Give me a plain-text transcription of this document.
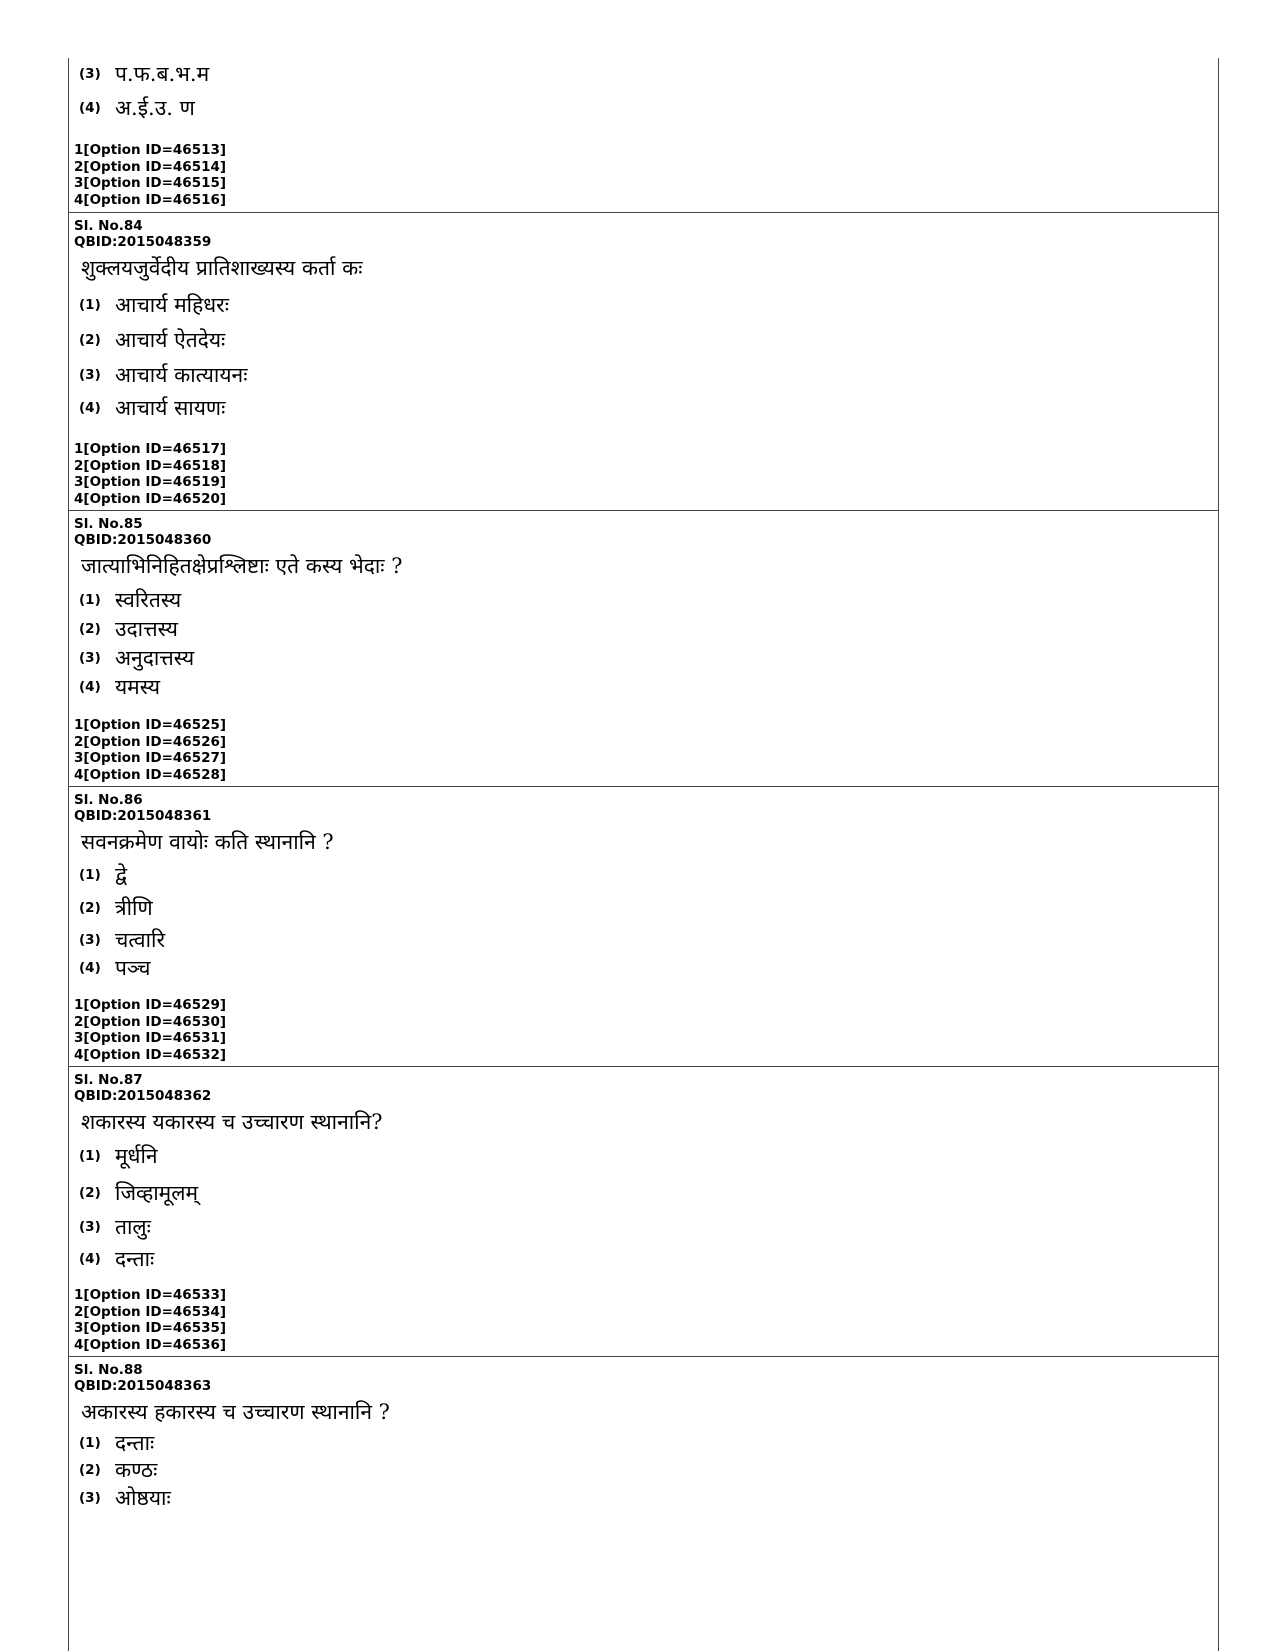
(3) प.फ.ब.भ.म
(4) अ.ई.उ. ण
1[Option ID=46513]
2[Option ID=46514]
3[Option ID=46515]
4[Option ID=46516]
Sl. No.84
QBID:2015048359
शुक्लयजुर्वेदीय प्रातिशाख्यस्य कर्ता कः
(1) आचार्य महिधरः
(2) आचार्य ऐतदेयः
(3) आचार्य कात्यायनः
(4) आचार्य सायणः
1[Option ID=46517]
2[Option ID=46518]
3[Option ID=46519]
4[Option ID=46520]
Sl. No.85
QBID:2015048360
जात्याभिनिहितक्षेप्रश्लिष्टाः एते कस्य भेदाः ?
(1) स्वरितस्य
(2) उदात्तस्य
(3) अनुदात्तस्य
(4) यमस्य
1[Option ID=46525]
2[Option ID=46526]
3[Option ID=46527]
4[Option ID=46528]
Sl. No.86
QBID:2015048361
सवनक्रमेण वायोः कति स्थानानि ?
(1) द्वे
(2) त्रीणि
(3) चत्वारि
(4) पञ्च
1[Option ID=46529]
2[Option ID=46530]
3[Option ID=46531]
4[Option ID=46532]
Sl. No.87
QBID:2015048362
शकारस्य यकारस्य च उच्चारण स्थानानि?
(1) मूर्धनि
(2) जिव्हामूलम्
(3) तालुः
(4) दन्ताः
1[Option ID=46533]
2[Option ID=46534]
3[Option ID=46535]
4[Option ID=46536]
Sl. No.88
QBID:2015048363
अकारस्य हकारस्य च उच्चारण स्थानानि ?
(1) दन्ताः
(2) कण्ठः
(3) ओष्ठयाः
